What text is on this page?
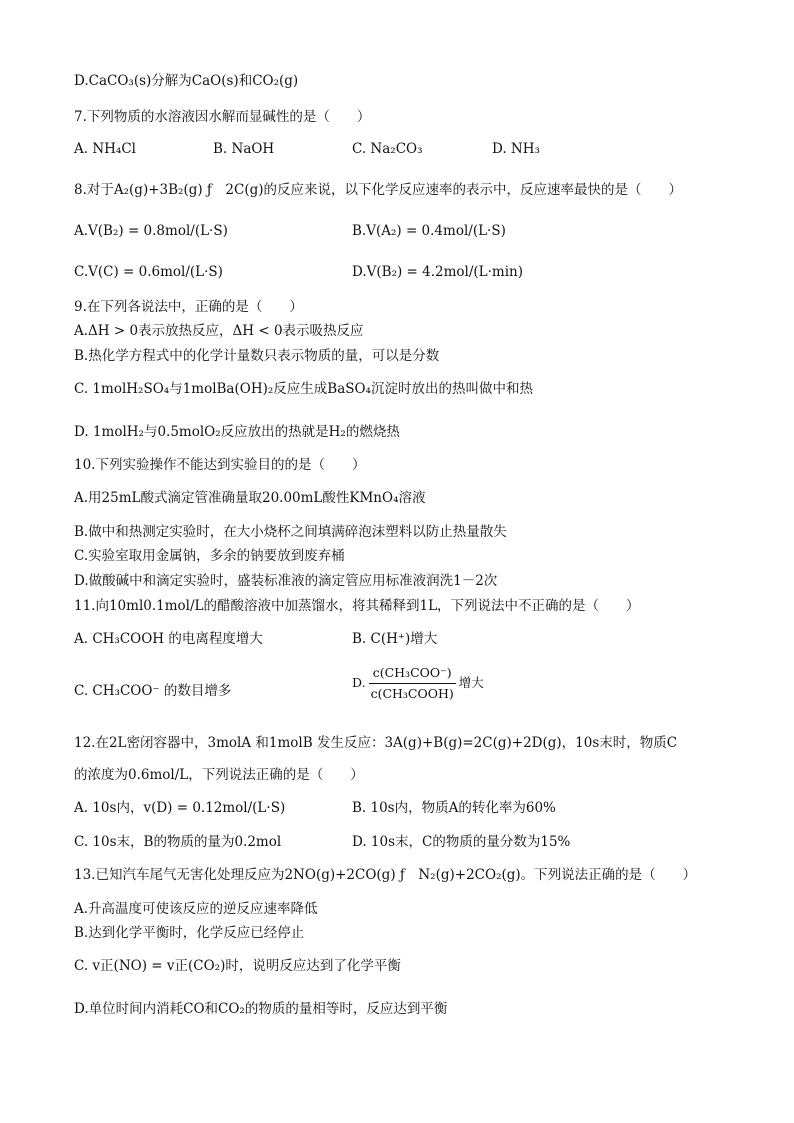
D.CaCO₃(s)分解为CaO(s)和CO₂(g)
7.下列物质的水溶液因水解而显碱性的是（　　）
A. NH₄Cl	B. NaOH	C. Na₂CO₃	D. NH₃
8.对于A₂(g)+3B₂(g) ƒ　2C(g)的反应来说，以下化学反应速率的表示中，反应速率最快的是（　　）
A.V(B₂) = 0.8mol/(L·S)	B.V(A₂) = 0.4mol/(L·S)
C.V(C) = 0.6mol/(L·S)	D.V(B₂) = 4.2mol/(L·min)
9.在下列各说法中，正确的是（　　）
A.ΔH > 0表示放热反应，ΔH < 0表示吸热反应
B.热化学方程式中的化学计量数只表示物质的量，可以是分数
C. 1molH₂SO₄与1molBa(OH)₂反应生成BaSO₄沉淀时放出的热叫做中和热
D. 1molH₂与0.5molO₂反应放出的热就是H₂的燃烧热
10.下列实验操作不能达到实验目的的是（　　）
A.用25mL酸式滴定管准确量取20.00mL酸性KMnO₄溶液
B.做中和热测定实验时，在大小烧杯之间填满碎泡沫塑料以防止热量散失
C.实验室取用金属钠，多余的钠要放到废弃桶
D.做酸碱中和滴定实验时，盛装标准液的滴定管应用标准液润洗1－2次
11.向10ml0.1mol/L的醋酸溶液中加蒸馏水，将其稀释到1L，下列说法中不正确的是（　　）
A. CH₃COOH 的电离程度增大	B. C(H⁺)增大
C. CH₃COO⁻ 的数目增多
D. $\frac{\text{c(CH₃COO⁻)}}{\text{c(CH₃COOH)}}$ 增大
12.在2L密闭容器中，3molA 和1molB 发生反应：3A(g)+B(g)=2C(g)+2D(g)，10s末时，物质C
的浓度为0.6mol/L，下列说法正确的是（　　）
A. 10s内，v(D) = 0.12mol/(L·S)	B. 10s内，物质A的转化率为60%
C. 10s末，B的物质的量为0.2mol	D. 10s末，C的物质的量分数为15%
13.已知汽车尾气无害化处理反应为2NO(g)+2CO(g) ƒ　N₂(g)+2CO₂(g)。下列说法正确的是（　　）
A.升高温度可使该反应的逆反应速率降低
B.达到化学平衡时，化学反应已经停止
C. v正(NO) = v正(CO₂)时，说明反应达到了化学平衡
D.单位时间内消耗CO和CO₂的物质的量相等时，反应达到平衡
